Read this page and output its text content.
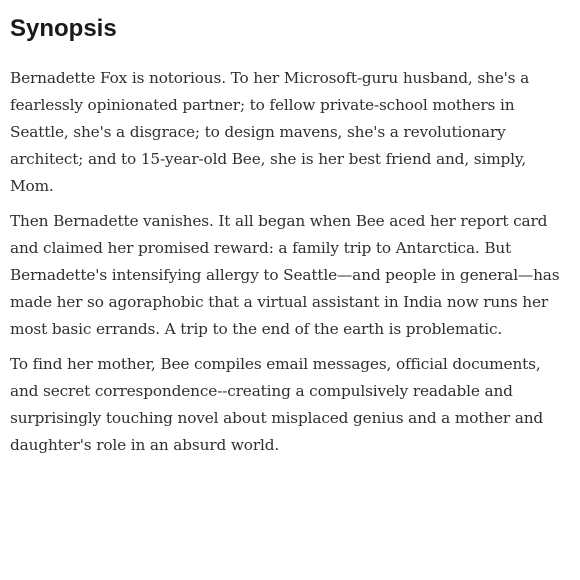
Synopsis

Bernadette Fox is notorious. To her Microsoft-guru husband, she's a fearlessly opinionated partner; to fellow private-school mothers in Seattle, she's a disgrace; to design mavens, she's a revolutionary architect; and to 15-year-old Bee, she is her best friend and, simply, Mom.

Then Bernadette vanishes. It all began when Bee aced her report card and claimed her promised reward: a family trip to Antarctica. But Bernadette's intensifying allergy to Seattle—and people in general—has made her so agoraphobic that a virtual assistant in India now runs her most basic errands. A trip to the end of the earth is problematic.

To find her mother, Bee compiles email messages, official documents, and secret correspondence--creating a compulsively readable and surprisingly touching novel about misplaced genius and a mother and daughter's role in an absurd world.
